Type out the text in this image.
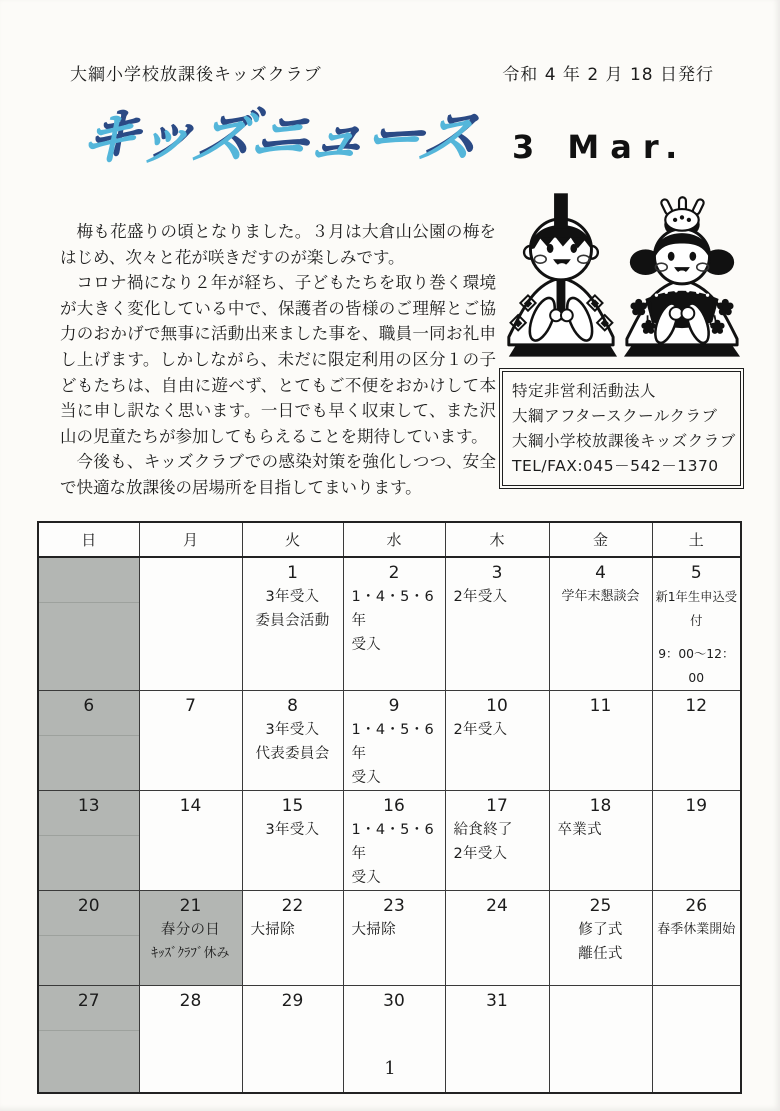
大綱小学校放課後キッズクラブ	令和 4 年 2 月 18 日発行
キッズニュース 3 Mar.

梅も花盛りの頃となりました。３月は大倉山公園の梅をはじめ、次々と花が咲きだすのが楽しみです。

コロナ禍になり２年が経ち、子どもたちを取り巻く環境が大きく変化している中で、保護者の皆様のご理解とご協力のおかげで無事に活動出来ました事を、職員一同お礼申し上げます。しかしながら、未だに限定利用の区分１の子どもたちは、自由に遊べず、とてもご不便をおかけして本当に申し訳なく思います。一日でも早く収束して、また沢山の児童たちが参加してもらえることを期待しています。

今後も、キッズクラブでの感染対策を強化しつつ、安全で快適な放課後の居場所を目指してまいります。

特定非営利活動法人
大綱アフタースクールクラブ
大綱小学校放課後キッズクラブ
TEL/FAX:045－542－1370
日	月	火	水	木	金	土

		1
3年受入
委員会活動	2
1・4・5・6年
受入	3
2年受入	4
学年末懇談会	5
新1年生申込受付
9：00～12：00

6	7	8
3年受入
代表委員会	9
1・4・5・6年
受入	10
2年受入	11	12

13	14	15
3年受入	16
1・4・5・6年
受入	17
給食終了
2年受入	18
卒業式	19

20	21
春分の日
ｷｯｽﾞｸﾗﾌﾞ休み	22
大掃除	23
大掃除	24	25
修了式
離任式	26
春季休業開始

27	28	29	30	31		

1
